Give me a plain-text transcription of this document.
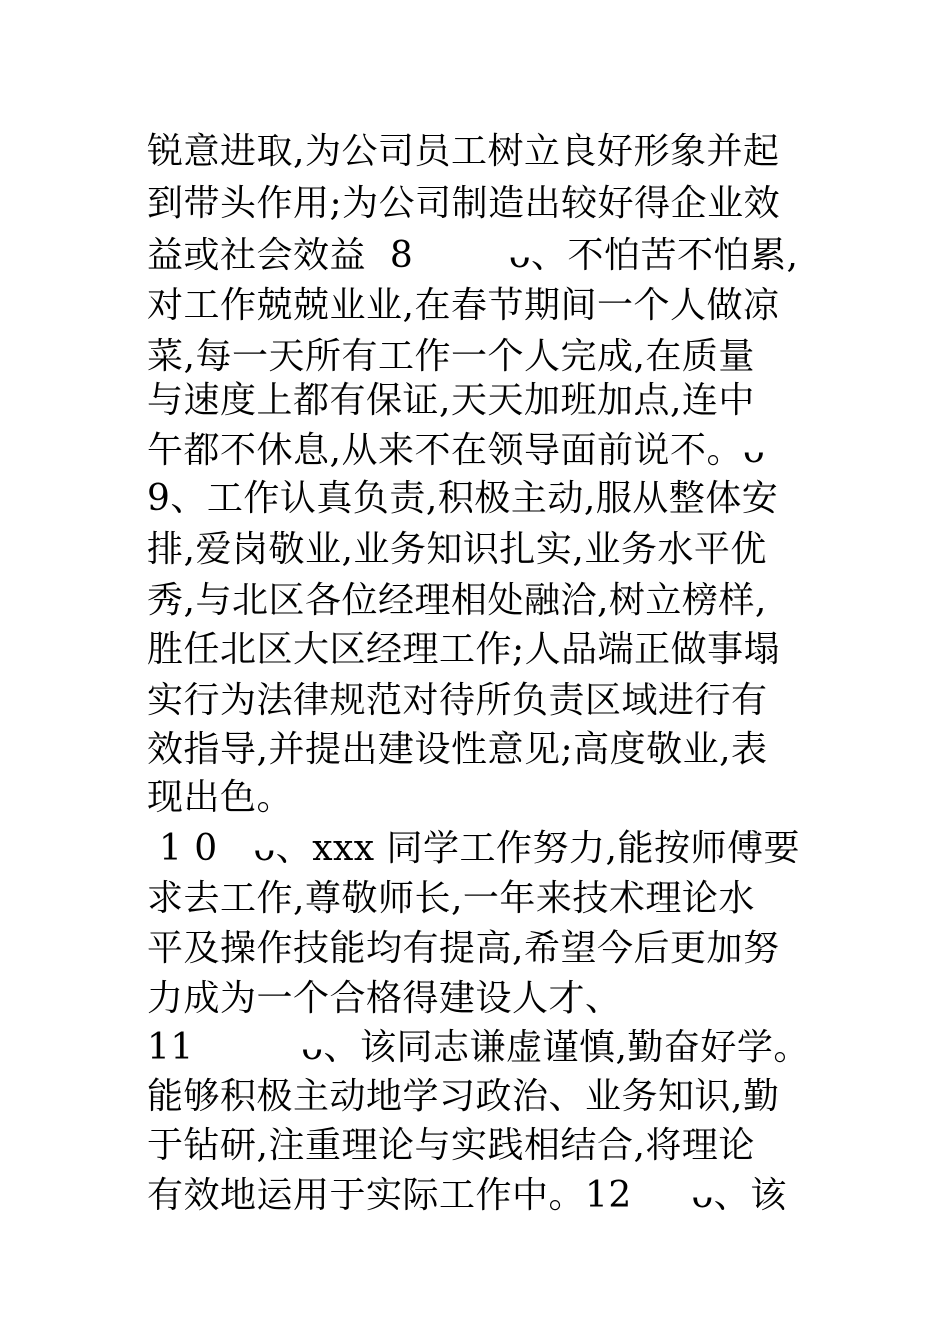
锐意进取,为公司员工树立良好形象并起
到带头作用;为公司制造出较好得企业效
益或社会效益  8        ᴗ、不怕苦不怕累,
对工作兢兢业业,在春节期间一个人做凉
菜,每一天所有工作一个人完成,在质量
与速度上都有保证,天天加班加点,连中
午都不休息,从来不在领导面前说不。ᴗ
9、工作认真负责,积极主动,服从整体安
排,爱岗敬业,业务知识扎实,业务水平优
秀,与北区各位经理相处融洽,树立榜样,
胜任北区大区经理工作;人品端正做事塌
实行为法律规范对待所负责区域进行有
效指导,并提出建设性意见;高度敬业,表
现出色。
1 0   ᴗ、xxx 同学工作努力,能按师傅要
求去工作,尊敬师长,一年来技术理论水
平及操作技能均有提高,希望今后更加努
力成为一个合格得建设人才、
11         ᴗ、该同志谦虚谨慎,勤奋好学。
能够积极主动地学习政治、业务知识,勤
于钻研,注重理论与实践相结合,将理论
有效地运用于实际工作中。12     ᴗ、该
